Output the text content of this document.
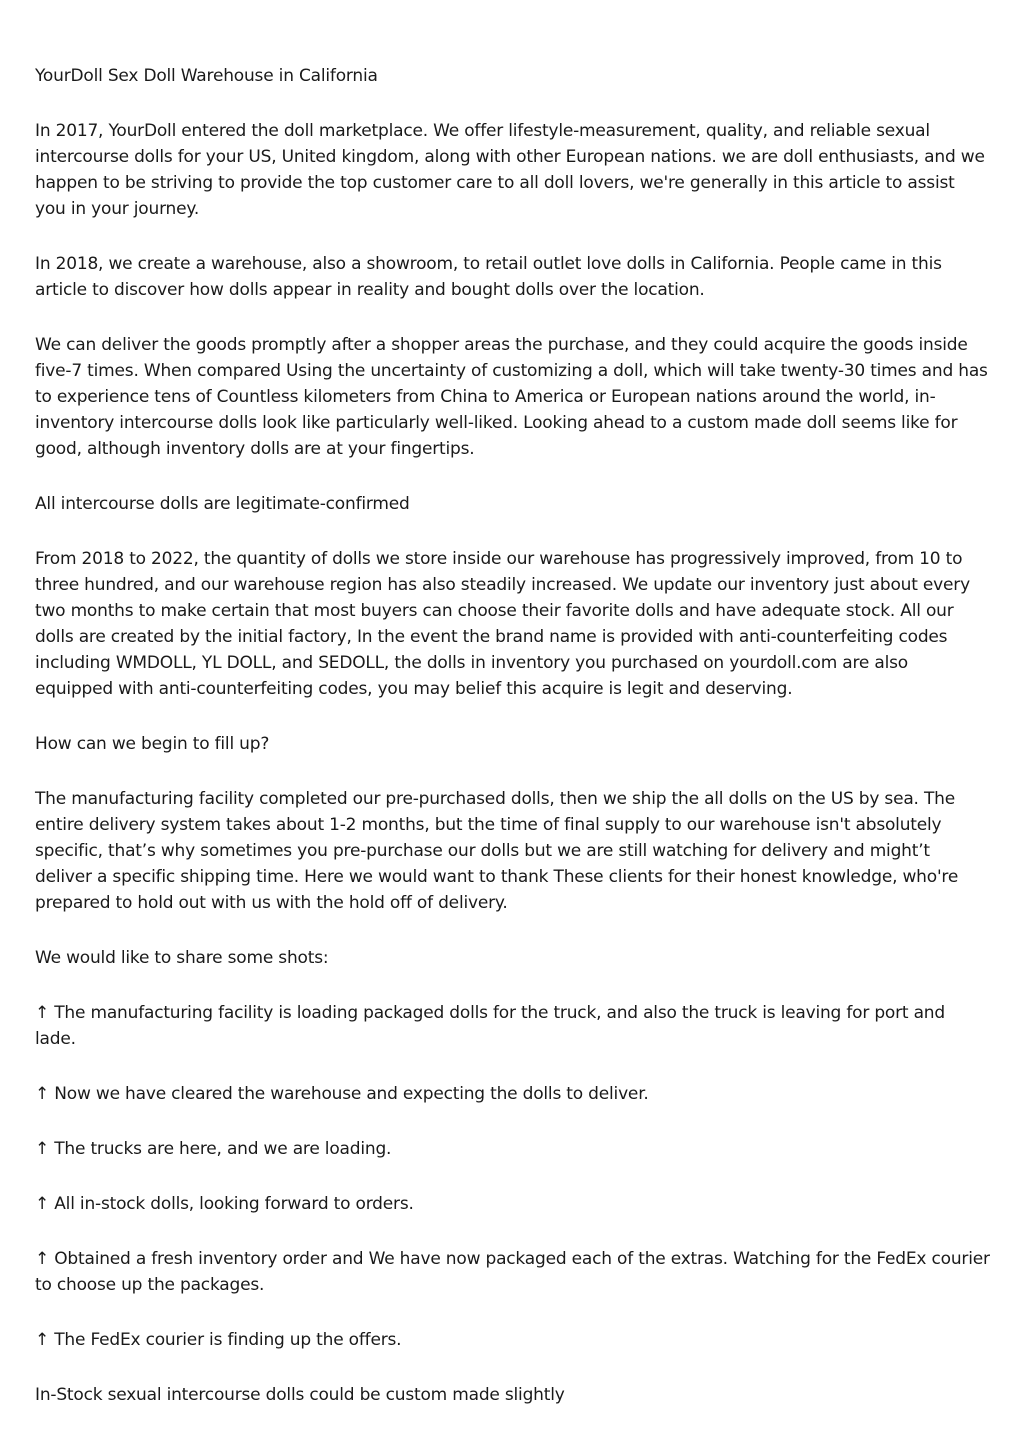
YourDoll Sex Doll Warehouse in California

In 2017, YourDoll entered the doll marketplace. We offer lifestyle-measurement, quality, and reliable sexual intercourse dolls for your US, United kingdom, along with other European nations. we are doll enthusiasts, and we happen to be striving to provide the top customer care to all doll lovers, we're generally in this article to assist you in your journey.

In 2018, we create a warehouse, also a showroom, to retail outlet love dolls in California. People came in this article to discover how dolls appear in reality and bought dolls over the location.

We can deliver the goods promptly after a shopper areas the purchase, and they could acquire the goods inside five-7 times. When compared Using the uncertainty of customizing a doll, which will take twenty-30 times and has to experience tens of Countless kilometers from China to America or European nations around the world, in-inventory intercourse dolls look like particularly well-liked. Looking ahead to a custom made doll seems like for good, although inventory dolls are at your fingertips.

All intercourse dolls are legitimate-confirmed

From 2018 to 2022, the quantity of dolls we store inside our warehouse has progressively improved, from 10 to three hundred, and our warehouse region has also steadily increased. We update our inventory just about every two months to make certain that most buyers can choose their favorite dolls and have adequate stock. All our dolls are created by the initial factory, In the event the brand name is provided with anti-counterfeiting codes including WMDOLL, YL DOLL, and SEDOLL, the dolls in inventory you purchased on yourdoll.com are also equipped with anti-counterfeiting codes, you may belief this acquire is legit and deserving.

How can we begin to fill up?

The manufacturing facility completed our pre-purchased dolls, then we ship the all dolls on the US by sea. The entire delivery system takes about 1-2 months, but the time of final supply to our warehouse isn't absolutely specific, that’s why sometimes you pre-purchase our dolls but we are still watching for delivery and might’t deliver a specific shipping time. Here we would want to thank These clients for their honest knowledge, who're prepared to hold out with us with the hold off of delivery.

We would like to share some shots:

↑ The manufacturing facility is loading packaged dolls for the truck, and also the truck is leaving for port and lade.

↑ Now we have cleared the warehouse and expecting the dolls to deliver.

↑ The trucks are here, and we are loading.

↑ All in-stock dolls, looking forward to orders.

↑ Obtained a fresh inventory order and We have now packaged each of the extras. Watching for the FedEx courier to choose up the packages.

↑ The FedEx courier is finding up the offers.

In-Stock sexual intercourse dolls could be custom made slightly
